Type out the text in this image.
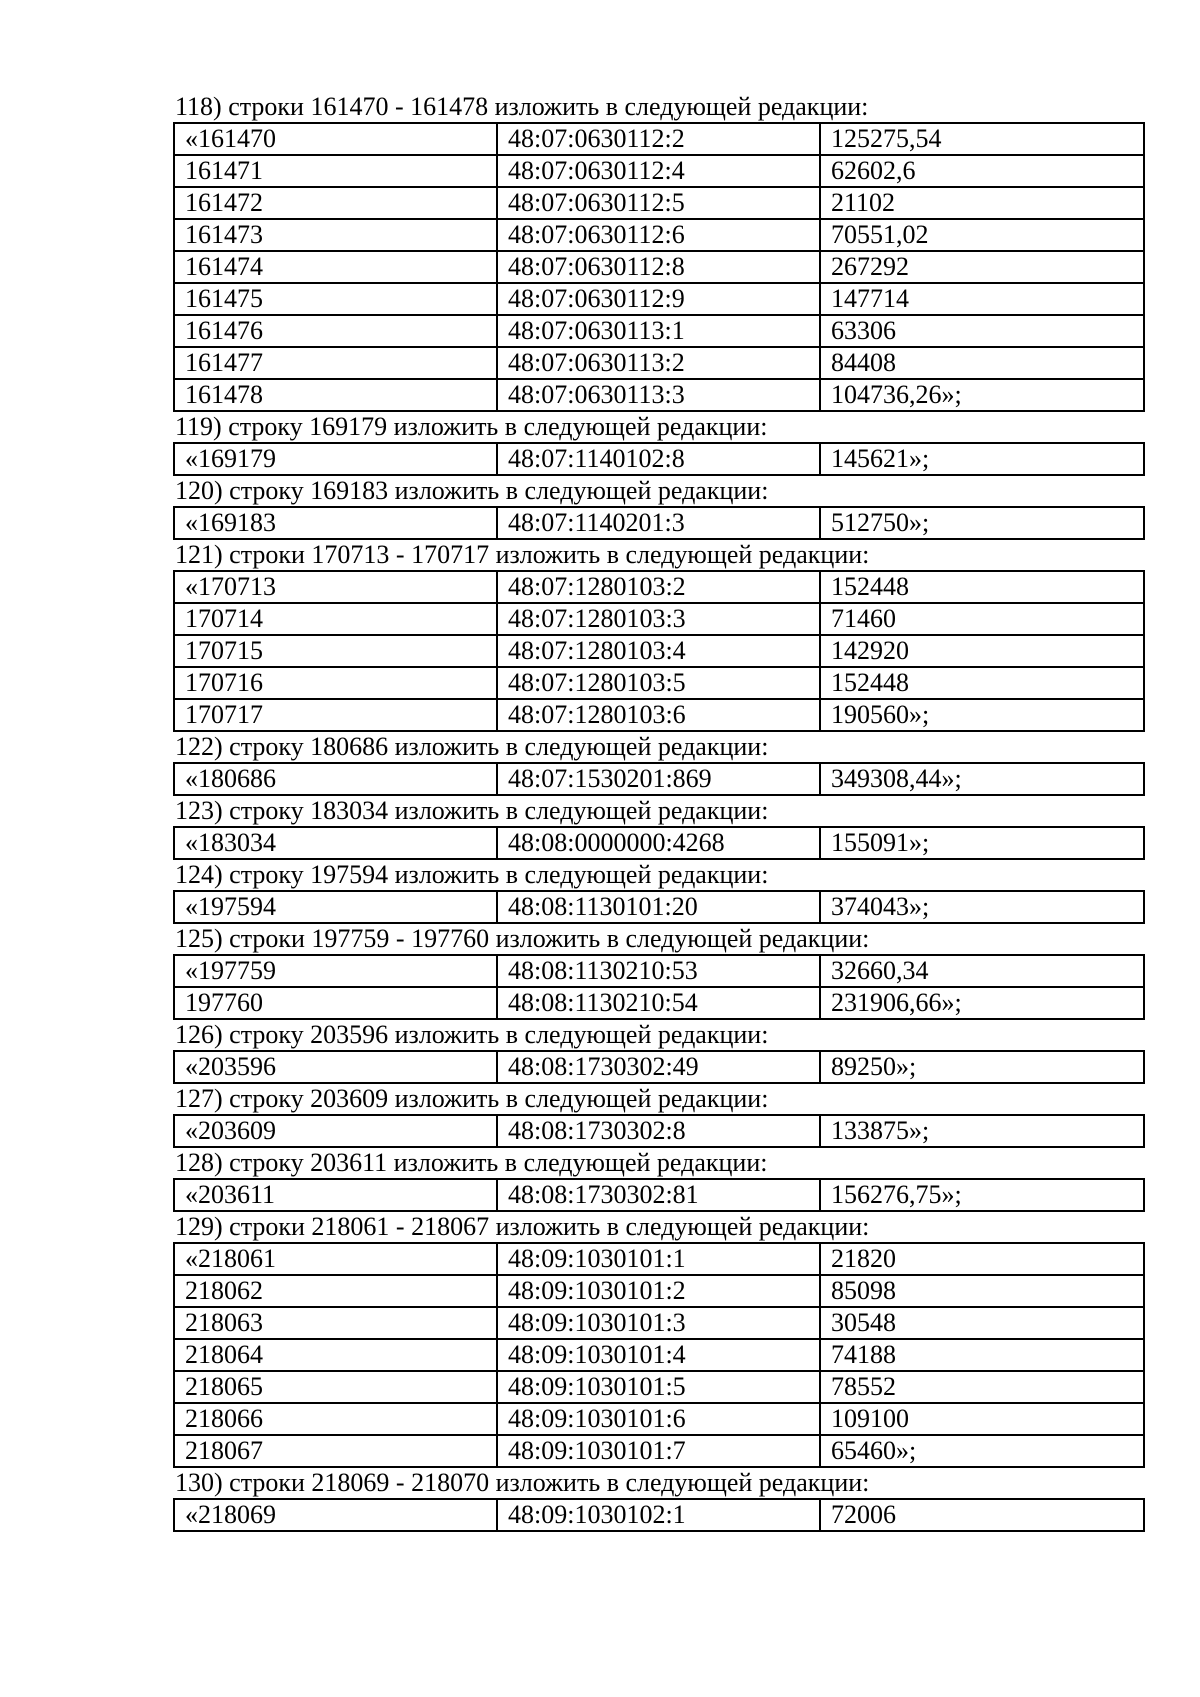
118) строки 161470 - 161478 изложить в следующей редакции:
«161470	48:07:0630112:2	125275,54
161471	48:07:0630112:4	62602,6
161472	48:07:0630112:5	21102
161473	48:07:0630112:6	70551,02
161474	48:07:0630112:8	267292
161475	48:07:0630112:9	147714
161476	48:07:0630113:1	63306
161477	48:07:0630113:2	84408
161478	48:07:0630113:3	104736,26»;
119) строку 169179 изложить в следующей редакции:
«169179	48:07:1140102:8	145621»;
120) строку 169183 изложить в следующей редакции:
«169183	48:07:1140201:3	512750»;
121) строки 170713 - 170717 изложить в следующей редакции:
«170713	48:07:1280103:2	152448
170714	48:07:1280103:3	71460
170715	48:07:1280103:4	142920
170716	48:07:1280103:5	152448
170717	48:07:1280103:6	190560»;
122) строку 180686 изложить в следующей редакции:
«180686	48:07:1530201:869	349308,44»;
123) строку 183034 изложить в следующей редакции:
«183034	48:08:0000000:4268	155091»;
124) строку 197594 изложить в следующей редакции:
«197594	48:08:1130101:20	374043»;
125) строки 197759 - 197760 изложить в следующей редакции:
«197759	48:08:1130210:53	32660,34
197760	48:08:1130210:54	231906,66»;
126) строку 203596 изложить в следующей редакции:
«203596	48:08:1730302:49	89250»;
127) строку 203609 изложить в следующей редакции:
«203609	48:08:1730302:8	133875»;
128) строку 203611 изложить в следующей редакции:
«203611	48:08:1730302:81	156276,75»;
129) строки 218061 - 218067 изложить в следующей редакции:
«218061	48:09:1030101:1	21820
218062	48:09:1030101:2	85098
218063	48:09:1030101:3	30548
218064	48:09:1030101:4	74188
218065	48:09:1030101:5	78552
218066	48:09:1030101:6	109100
218067	48:09:1030101:7	65460»;
130) строки 218069 - 218070 изложить в следующей редакции:
«218069	48:09:1030102:1	72006
